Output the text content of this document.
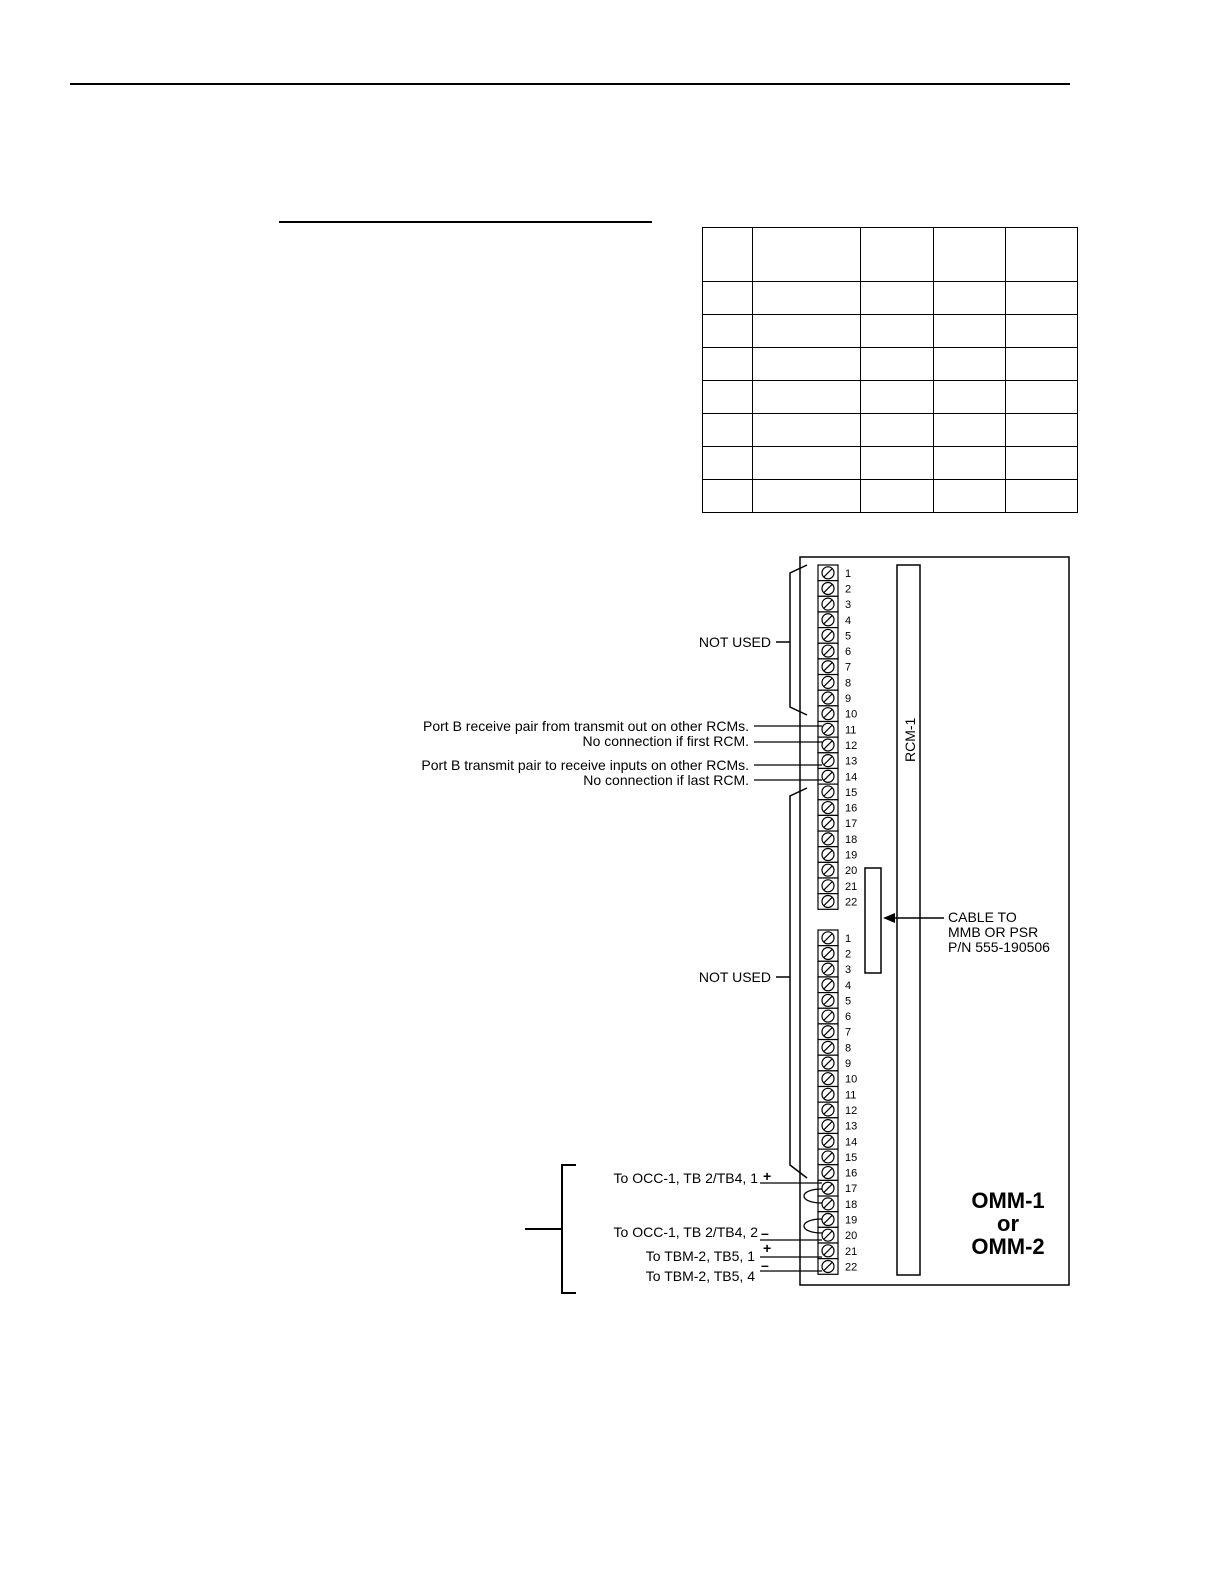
RCM-1
CABLE TO
MMB OR PSR
P/N 555-190506
OMM-1
or
OMM-2
1
2
3
4
5
6
7
8
9
10
11
12
13
14
15
16
17
18
19
20
21
22
1
2
3
4
5
6
7
8
9
10
11
12
13
14
15
16
17
18
19
20
21
22
NOT USED
NOT USED
Port B receive pair from transmit out on other RCMs.
No connection if first RCM.
Port B transmit pair to receive inputs on other RCMs.
No connection if last RCM.
To OCC-1, TB 2/TB4, 1
To OCC-1, TB 2/TB4, 2
To TBM-2, TB5, 1
To TBM-2, TB5, 4
+
–
+
–
